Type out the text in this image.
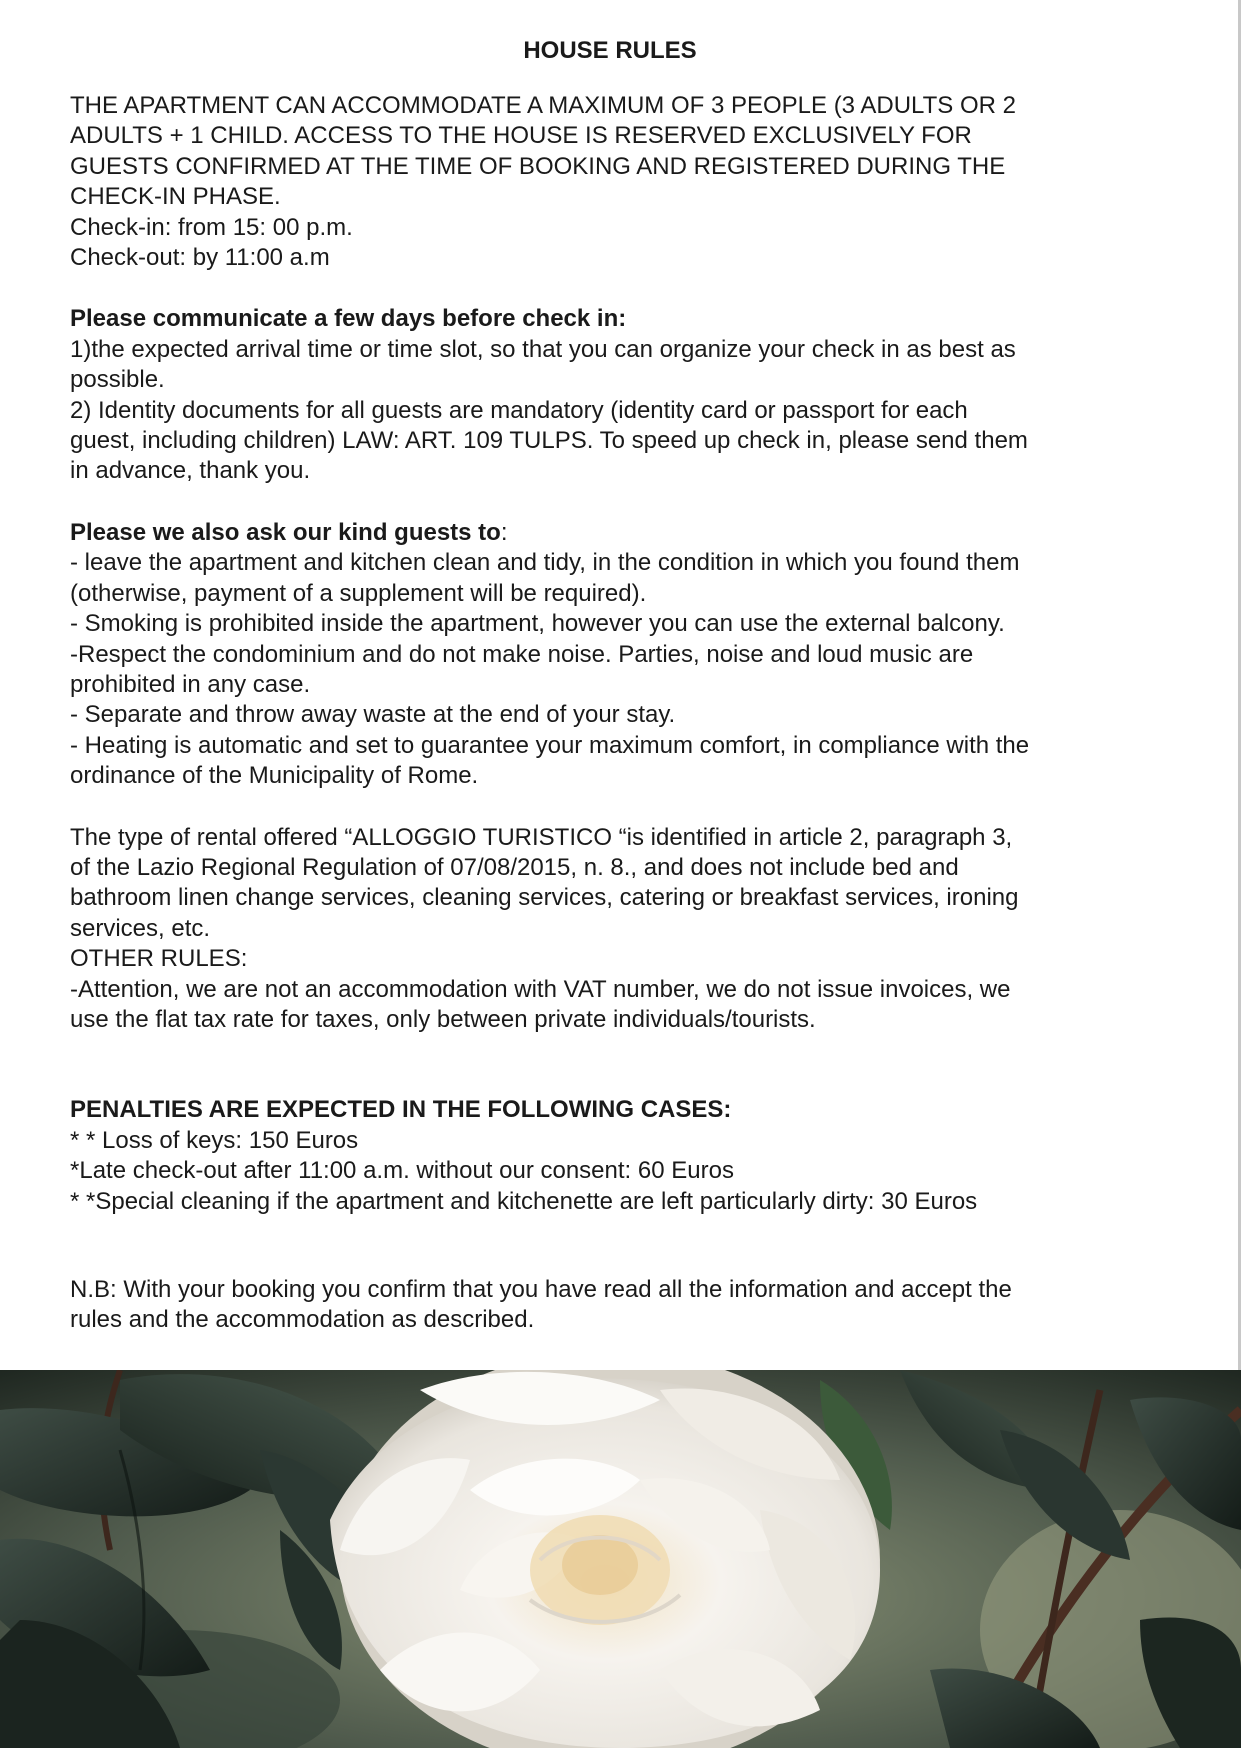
HOUSE RULES
THE APARTMENT CAN ACCOMMODATE A MAXIMUM OF 3 PEOPLE (3 ADULTS OR 2
ADULTS + 1 CHILD. ACCESS TO THE HOUSE IS RESERVED EXCLUSIVELY FOR
GUESTS CONFIRMED AT THE TIME OF BOOKING AND REGISTERED DURING THE
CHECK-IN PHASE.
Check-in: from 15: 00 p.m.
Check-out: by 11:00 a.m
Please communicate a few days before check in:
1)the expected arrival time or time slot, so that you can organize your check in as best as
possible.
2) Identity documents for all guests are mandatory (identity card or passport for each
guest, including children) LAW: ART. 109 TULPS. To speed up check in, please send them
in advance, thank you.
Please we also ask our kind guests to:
- leave the apartment and kitchen clean and tidy, in the condition in which you found them
(otherwise, payment of a supplement will be required).
- Smoking is prohibited inside the apartment, however you can use the external balcony.
-Respect the condominium and do not make noise. Parties, noise and loud music are
prohibited in any case.
- Separate and throw away waste at the end of your stay.
- Heating is automatic and set to guarantee your maximum comfort, in compliance with the
ordinance of the Municipality of Rome.
The type of rental offered “ALLOGGIO TURISTICO “is identified in article 2, paragraph 3,
of the Lazio Regional Regulation of 07/08/2015, n. 8., and does not include bed and
bathroom linen change services, cleaning services, catering or breakfast services, ironing
services, etc.
OTHER RULES:
-Attention, we are not an accommodation with VAT number, we do not issue invoices, we
use the flat tax rate for taxes, only between private individuals/tourists.
PENALTIES ARE EXPECTED IN THE FOLLOWING CASES:
* * Loss of keys: 150 Euros
*Late check-out after 11:00 a.m. without our consent: 60 Euros
* *Special cleaning if the apartment and kitchenette are left particularly dirty: 30 Euros
N.B: With your booking you confirm that you have read all the information and accept the
rules and the accommodation as described.
